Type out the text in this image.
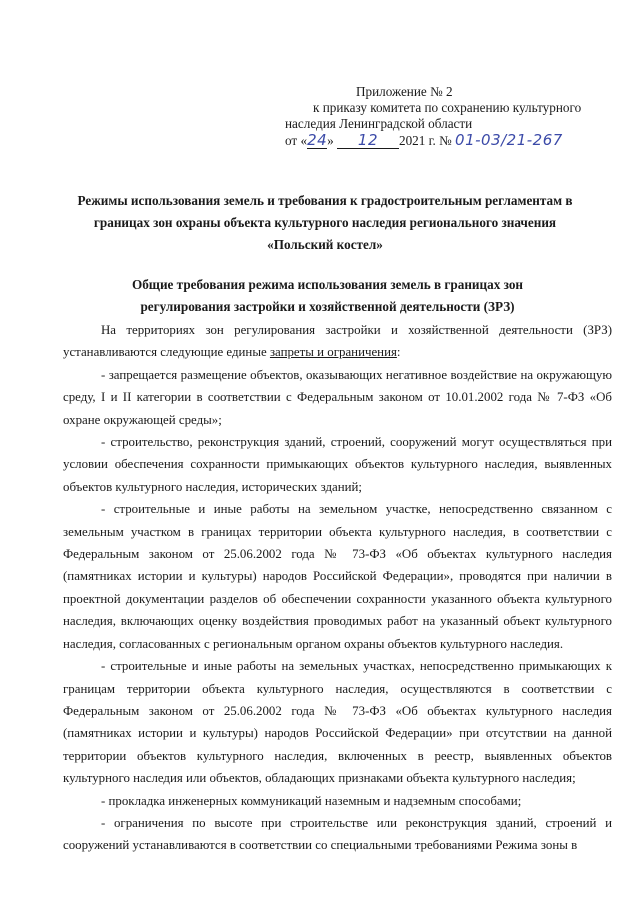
Приложение № 2
к приказу комитета по сохранению культурного
наследия Ленинградской области
от «24» 12 2021 г. № 01-03/21-267
Режимы использования земель и требования к градостроительным регламентам в границах зон охраны объекта культурного наследия регионального значения «Польский костел»
Общие требования режима использования земель в границах зон регулирования застройки и хозяйственной деятельности (ЗРЗ)

На территориях зон регулирования застройки и хозяйственной деятельности (ЗРЗ) устанавливаются следующие единые запреты и ограничения:

- запрещается размещение объектов, оказывающих негативное воздействие на окружающую среду, I и II категории в соответствии с Федеральным законом от 10.01.2002 года № 7-ФЗ «Об охране окружающей среды»;

- строительство, реконструкция зданий, строений, сооружений могут осуществляться при условии обеспечения сохранности примыкающих объектов культурного наследия, выявленных объектов культурного наследия, исторических зданий;

- строительные и иные работы на земельном участке, непосредственно связанном с земельным участком в границах территории объекта культурного наследия, в соответствии с Федеральным законом от 25.06.2002 года № 73-ФЗ «Об объектах культурного наследия (памятниках истории и культуры) народов Российской Федерации», проводятся при наличии в проектной документации разделов об обеспечении сохранности указанного объекта культурного наследия, включающих оценку воздействия проводимых работ на указанный объект культурного наследия, согласованных с региональным органом охраны объектов культурного наследия.

- строительные и иные работы на земельных участках, непосредственно примыкающих к границам территории объекта культурного наследия, осуществляются в соответствии с Федеральным законом от 25.06.2002 года № 73-ФЗ «Об объектах культурного наследия (памятниках истории и культуры) народов Российской Федерации» при отсутствии на данной территории объектов культурного наследия, включенных в реестр, выявленных объектов культурного наследия или объектов, обладающих признаками объекта культурного наследия;

- прокладка инженерных коммуникаций наземным и надземным способами;

- ограничения по высоте при строительстве или реконструкция зданий, строений и сооружений устанавливаются в соответствии со специальными требованиями Режима зоны в
